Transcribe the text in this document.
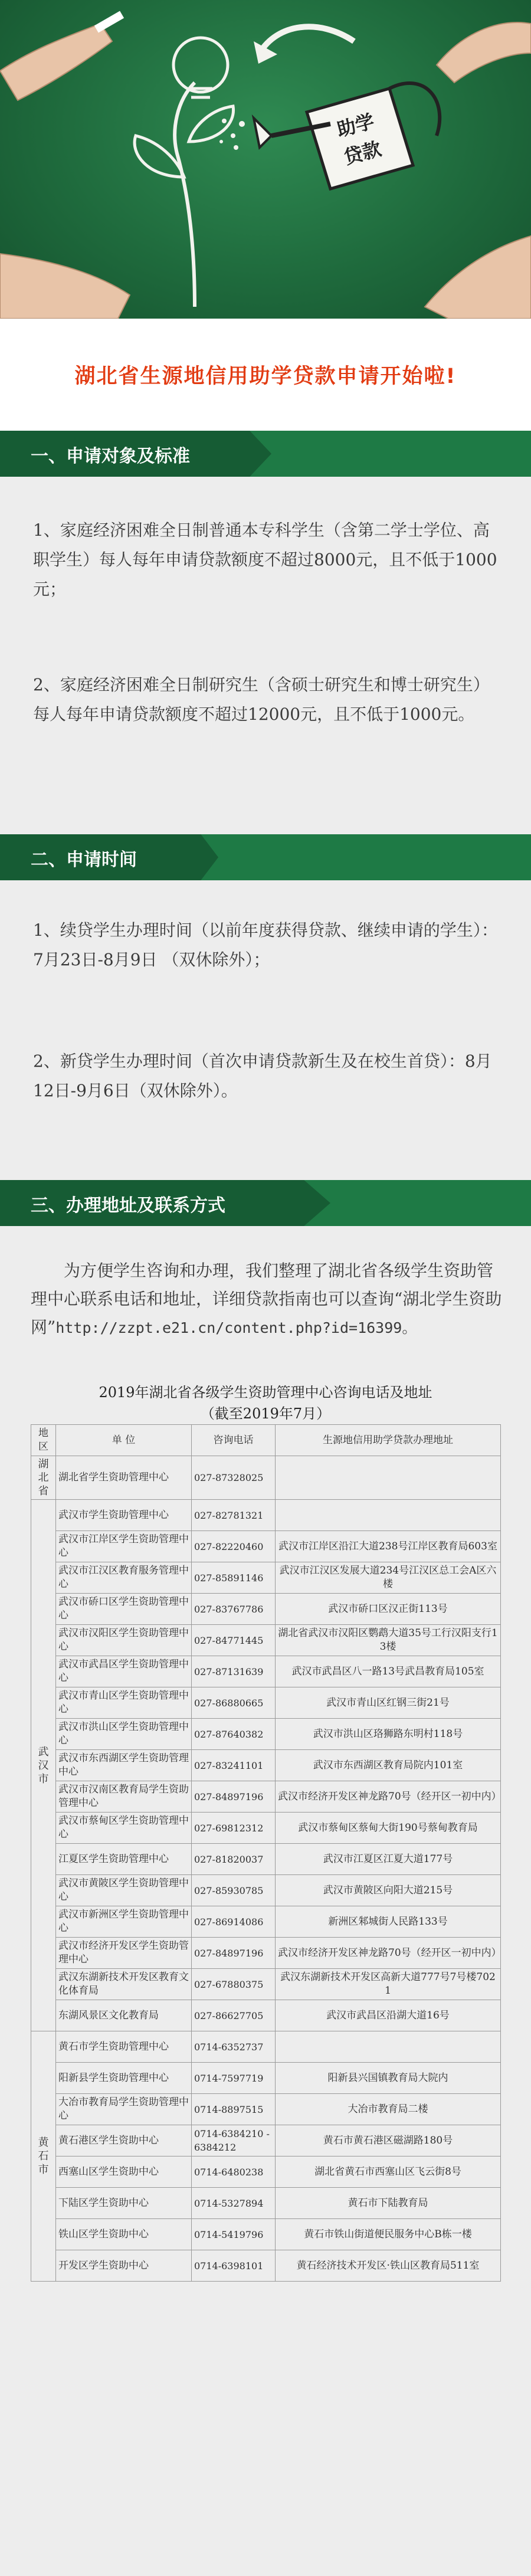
助学
贷款
湖北省生源地信用助学贷款申请开始啦!
一、申请对象及标准
1、家庭经济困难全日制普通本专科学生（含第二学士学位、高职学生）每人每年申请贷款额度不超过8000元，且不低于1000元；
2、家庭经济困难全日制研究生（含硕士研究生和博士研究生）每人每年申请贷款额度不超过12000元，且不低于1000元。
二、申请时间
1、续贷学生办理时间（以前年度获得贷款、继续申请的学生）：7月23日-8月9日 （双休除外）；
2、新贷学生办理时间（首次申请贷款新生及在校生首贷）：8月12日-9月6日（双休除外）。
三、办理地址及联系方式
为方便学生咨询和办理，我们整理了湖北省各级学生资助管理中心联系电话和地址，详细贷款指南也可以查询“湖北学生资助网”http://zzpt.e21.cn/content.php?id=16399。
2019年湖北省各级学生资助管理中心咨询电话及地址
（截至2019年7月）
地区	单 位	咨询电话	生源地信用助学贷款办理地址
湖北省	湖北省学生资助管理中心	027-87328025	
武汉市	武汉市学生资助管理中心	027-82781321	
	武汉市江岸区学生资助管理中心	027-82220460	武汉市江岸区沿江大道238号江岸区教育局603室
	武汉市江汉区教育服务管理中心	027-85891146	武汉市江汉区发展大道234号江汉区总工会A区六楼
	武汉市硚口区学生资助管理中心	027-83767786	武汉市硚口区汉正街113号
	武汉市汉阳区学生资助管理中心	027-84771445	湖北省武汉市汉阳区鹦鹉大道35号工行汉阳支行13楼
	武汉市武昌区学生资助管理中心	027-87131639	武汉市武昌区八一路13号武昌教育局105室
	武汉市青山区学生资助管理中心	027-86880665	武汉市青山区红钢三街21号
	武汉市洪山区学生资助管理中心	027-87640382	武汉市洪山区珞狮路东明村118号
	武汉市东西湖区学生资助管理中心	027-83241101	武汉市东西湖区教育局院内101室
	武汉市汉南区教育局学生资助管理中心	027-84897196	武汉市经济开发区神龙路70号（经开区一初中内）
	武汉市蔡甸区学生资助管理中心	027-69812312	武汉市蔡甸区蔡甸大街190号蔡甸教育局
	江夏区学生资助管理中心	027-81820037	武汉市江夏区江夏大道177号
	武汉市黄陂区学生资助管理中心	027-85930785	武汉市黄陂区向阳大道215号
	武汉市新洲区学生资助管理中心	027-86914086	新洲区邾城街人民路133号
	武汉市经济开发区学生资助管理中心	027-84897196	武汉市经济开发区神龙路70号（经开区一初中内）
	武汉东湖新技术开发区教育文化体育局	027-67880375	武汉东湖新技术开发区高新大道777号7号楼7021
	东湖风景区文化教育局	027-86627705	武汉市武昌区沿湖大道16号
黄石市	黄石市学生资助管理中心	0714-6352737	
	阳新县学生资助管理中心	0714-7597719	阳新县兴国镇教育局大院内
	大冶市教育局学生资助管理中心	0714-8897515	大冶市教育局二楼
	黄石港区学生资助中心	0714-6384210 -6384212	黄石市黄石港区磁湖路180号
	西塞山区学生资助中心	0714-6480238	湖北省黄石市西塞山区飞云街8号
	下陆区学生资助中心	0714-5327894	黄石市下陆教育局
	铁山区学生资助中心	0714-5419796	黄石市铁山街道便民服务中心B栋一楼
	开发区学生资助中心	0714-6398101	黄石经济技术开发区·铁山区教育局511室
